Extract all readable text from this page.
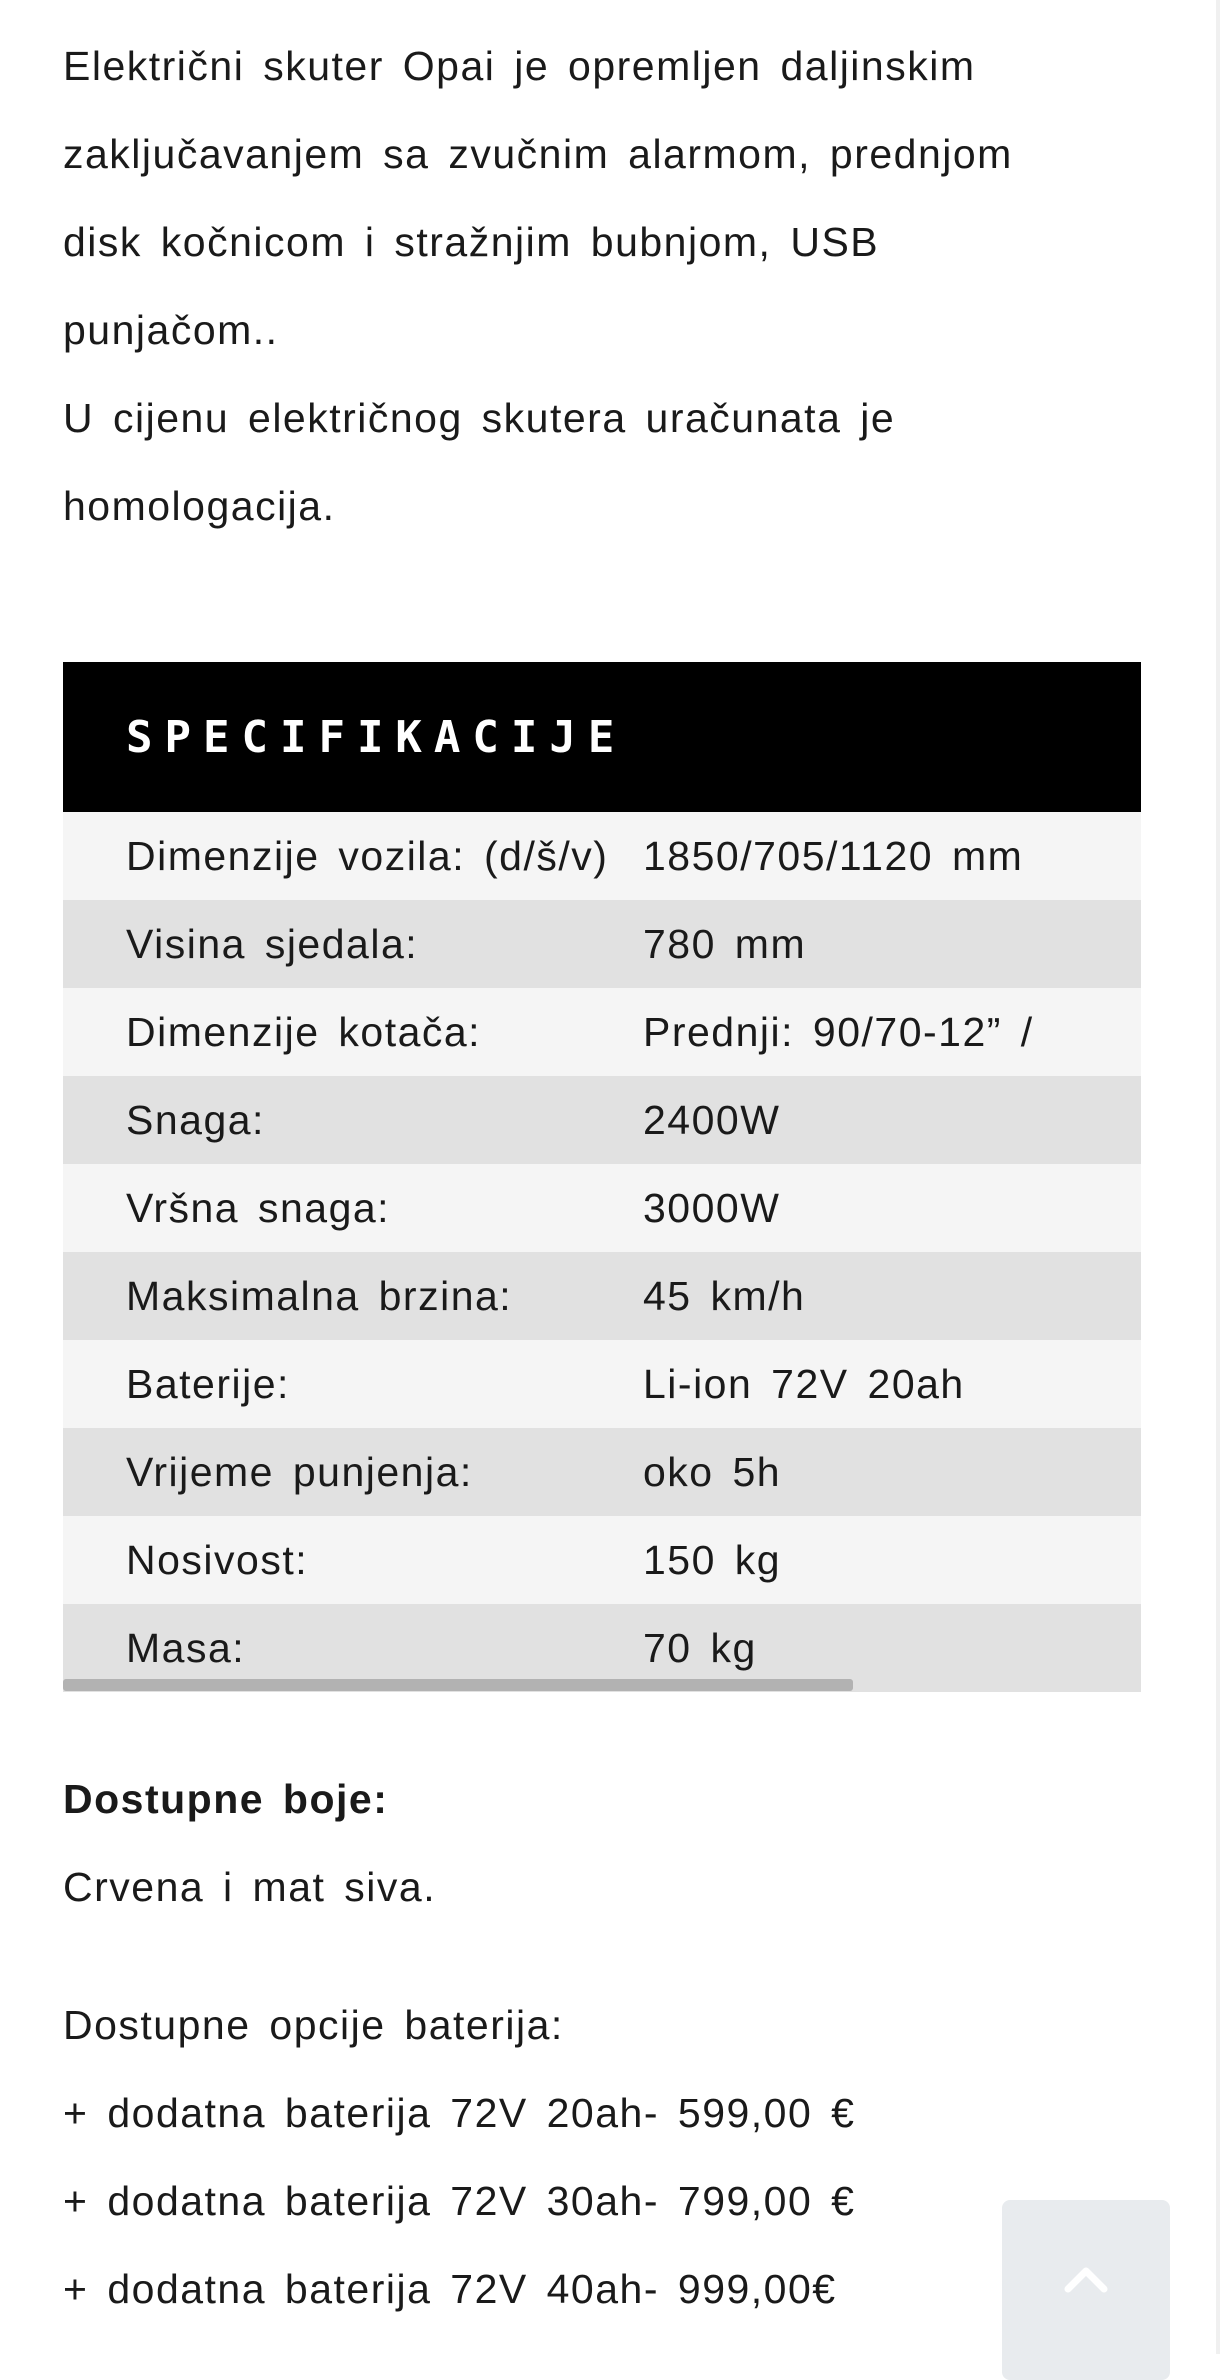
Električni skuter Opai je opremljen daljinskim

zaključavanjem sa zvučnim alarmom, prednjom

disk kočnicom i stražnjim bubnjom, USB

punjačom..

U cijenu električnog skutera uračunata je

homologacija.

SPECIFIKACIJE
Dimenzije vozila: (d/š/v) 1850/705/1120 mm
Visina sjedala:	780 mm
Dimenzije kotača:	Prednji: 90/70-12” /
Snaga:	2400W
Vršna snaga:	3000W
Maksimalna brzina:	45 km/h
Baterije:	Li-ion 72V 20ah
Vrijeme punjenja:	oko 5h
Nosivost:	150 kg
Masa:	70 kg

Dostupne boje:

Crvena i mat siva.

Dostupne opcije baterija:

+ dodatna baterija 72V 20ah- 599,00 €

+ dodatna baterija 72V 30ah- 799,00 €

+ dodatna baterija 72V 40ah- 999,00€
